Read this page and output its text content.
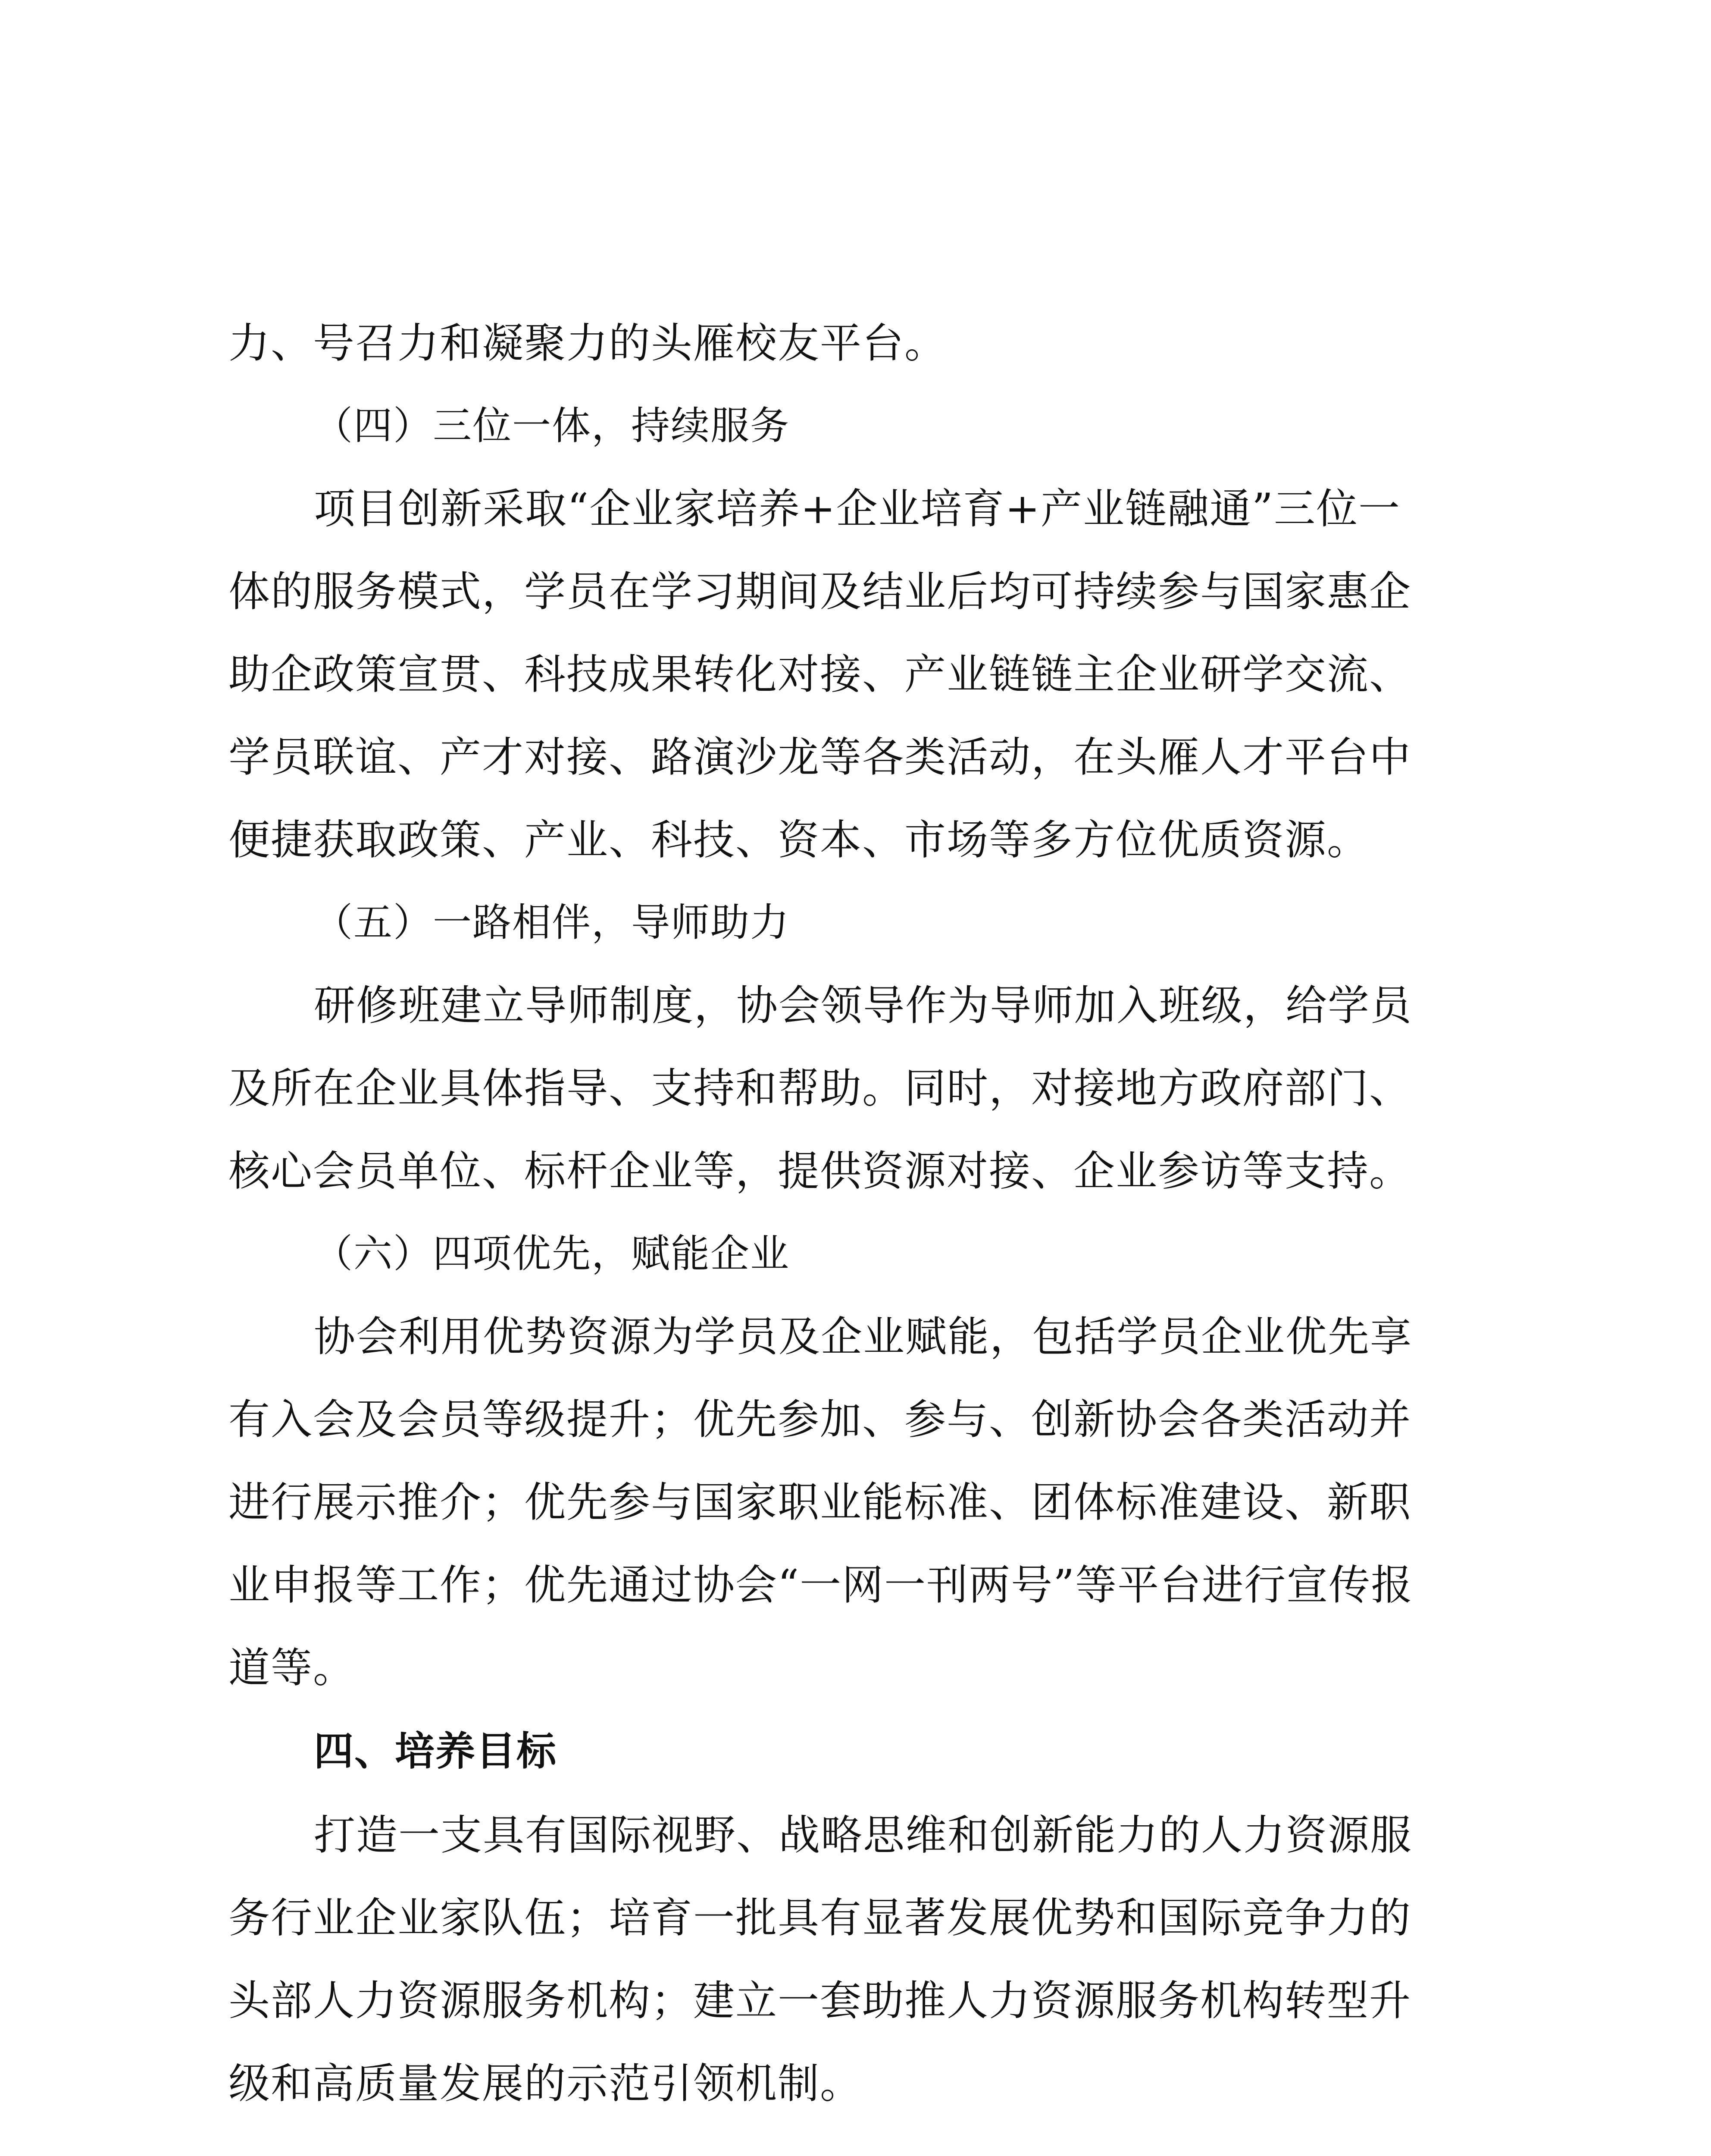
力、号召力和凝聚力的头雁校友平台。

（四）三位一体，持续服务

项目创新采取“企业家培养+企业培育+产业链融通”三位一

体的服务模式，学员在学习期间及结业后均可持续参与国家惠企

助企政策宣贯、科技成果转化对接、产业链链主企业研学交流、

学员联谊、产才对接、路演沙龙等各类活动，在头雁人才平台中

便捷获取政策、产业、科技、资本、市场等多方位优质资源。

（五）一路相伴，导师助力

研修班建立导师制度，协会领导作为导师加入班级，给学员

及所在企业具体指导、支持和帮助。同时，对接地方政府部门、

核心会员单位、标杆企业等，提供资源对接、企业参访等支持。

（六）四项优先，赋能企业

协会利用优势资源为学员及企业赋能，包括学员企业优先享

有入会及会员等级提升；优先参加、参与、创新协会各类活动并

进行展示推介；优先参与国家职业能标准、团体标准建设、新职

业申报等工作；优先通过协会“一网一刊两号”等平台进行宣传报

道等。

四、培养目标

打造一支具有国际视野、战略思维和创新能力的人力资源服

务行业企业家队伍；培育一批具有显著发展优势和国际竞争力的

头部人力资源服务机构；建立一套助推人力资源服务机构转型升

级和高质量发展的示范引领机制。
